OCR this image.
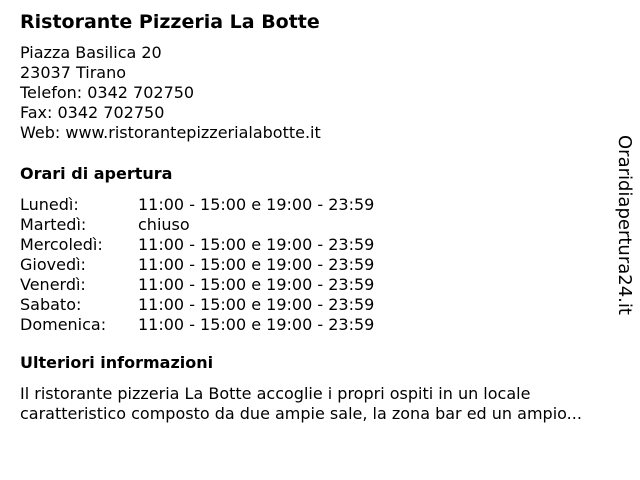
Ristorante Pizzeria La Botte
Piazza Basilica 20
23037 Tirano
Telefon: 0342 702750
Fax: 0342 702750
Web: www.ristorantepizzerialabotte.it
Orari di apertura
Lunedì:	11:00 - 15:00 e 19:00 - 23:59
Martedì:	chiuso
Mercoledì:	11:00 - 15:00 e 19:00 - 23:59
Giovedì:	11:00 - 15:00 e 19:00 - 23:59
Venerdì:	11:00 - 15:00 e 19:00 - 23:59
Sabato:	11:00 - 15:00 e 19:00 - 23:59
Domenica:	11:00 - 15:00 e 19:00 - 23:59
Ulteriori informazioni
Il ristorante pizzeria La Botte accoglie i propri ospiti in un locale
caratteristico composto da due ampie sale, la zona bar ed un ampio...
Oraridiapertura24.it
